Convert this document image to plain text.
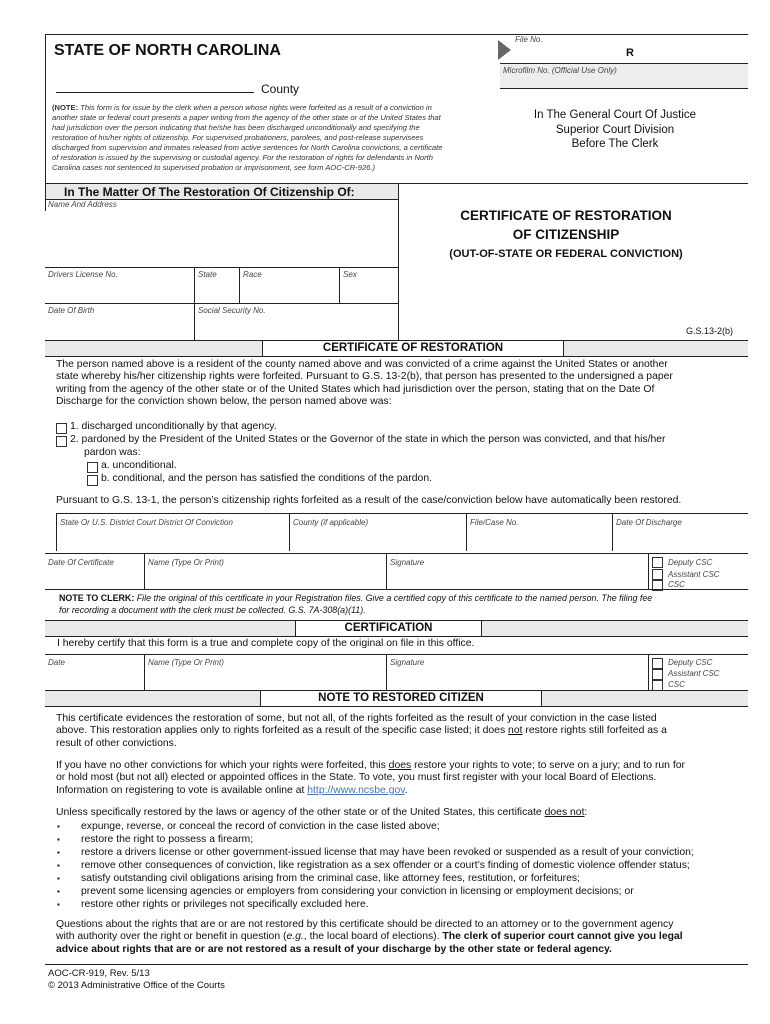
STATE OF NORTH CAROLINA
File No.
R
Microfilm No. (Official Use Only)
County
(NOTE: This form is for issue by the clerk when a person whose rights were forfeited as a result of a conviction in
another state or federal court presents a paper writing from the agency of the other state or of the United States that
had jurisdiction over the person indicating that he/she has been discharged unconditionally and specifying the
restoration of his/her rights of citizenship. For supervised probationers, parolees, and post-release supervisees
discharged from supervision and inmates released from active sentences for North Carolina convictions, a certificate
of restoration is issued by the supervising or custodial agency. For the restoration of rights for defendants in North
Carolina cases not sentenced to supervised probation or imprisonment, see form AOC-CR-926.)
In The General Court Of Justice
Superior Court Division
Before The Clerk
In The Matter Of The Restoration Of Citizenship Of:
Name And Address
Drivers License No.	State	Race	Sex
Date Of Birth	Social Security No.
CERTIFICATE OF RESTORATION
OF CITIZENSHIP
(OUT-OF-STATE OR FEDERAL CONVICTION)
G.S.13-2(b)
CERTIFICATE OF RESTORATION
The person named above is a resident of the county named above and was convicted of a crime against the United States or another
state whereby his/her citizenship rights were forfeited. Pursuant to G.S. 13-2(b), that person has presented to the undersigned a paper
writing from the agency of the other state or of the United States which had jurisdiction over the person, stating that on the Date Of
Discharge for the conviction shown below, the person named above was:
1. discharged unconditionally by that agency.
2. pardoned by the President of the United States or the Governor of the state in which the person was convicted, and that his/her
pardon was:
a. unconditional.
b. conditional, and the person has satisfied the conditions of the pardon.
Pursuant to G.S. 13-1, the person’s citizenship rights forfeited as a result of the case/conviction below have automatically been restored.
State Or U.S. District Court District Of Conviction	County (if applicable)	File/Case No.	Date Of Discharge
Date Of Certificate	Name (Type Or Print)	Signature	Deputy CSC
Assistant CSC
CSC
NOTE TO CLERK: File the original of this certificate in your Registration files. Give a certified copy of this certificate to the named person. The filing fee
for recording a document with the clerk must be collected. G.S. 7A-308(a)(11).
CERTIFICATION
I hereby certify that this form is a true and complete copy of the original on file in this office.
Date	Name (Type Or Print)	Signature	Deputy CSC
Assistant CSC
CSC
NOTE TO RESTORED CITIZEN
This certificate evidences the restoration of some, but not all, of the rights forfeited as the result of your conviction in the case listed
above. This restoration applies only to rights forfeited as a result of the specific case listed; it does not restore rights still forfeited as a
result of other convictions.
If you have no other convictions for which your rights were forfeited, this does restore your rights to vote; to serve on a jury; and to run for
or hold most (but not all) elected or appointed offices in the State. To vote, you must first register with your local Board of Elections.
Information on registering to vote is available online at http://www.ncsbe.gov.
Unless specifically restored by the laws or agency of the other state or of the United States, this certificate does not:
▪ expunge, reverse, or conceal the record of conviction in the case listed above;
▪ restore the right to possess a firearm;
▪ restore a drivers license or other government-issued license that may have been revoked or suspended as a result of your conviction;
▪ remove other consequences of conviction, like registration as a sex offender or a court’s finding of domestic violence offender status;
▪ satisfy outstanding civil obligations arising from the criminal case, like attorney fees, restitution, or forfeitures;
▪ prevent some licensing agencies or employers from considering your conviction in licensing or employment decisions; or
▪ restore other rights or privileges not specifically excluded here.
Questions about the rights that are or are not restored by this certificate should be directed to an attorney or to the government agency
with authority over the right or benefit in question (e.g., the local board of elections). The clerk of superior court cannot give you legal
advice about rights that are or are not restored as a result of your discharge by the other state or federal agency.
AOC-CR-919, Rev. 5/13
© 2013 Administrative Office of the Courts
